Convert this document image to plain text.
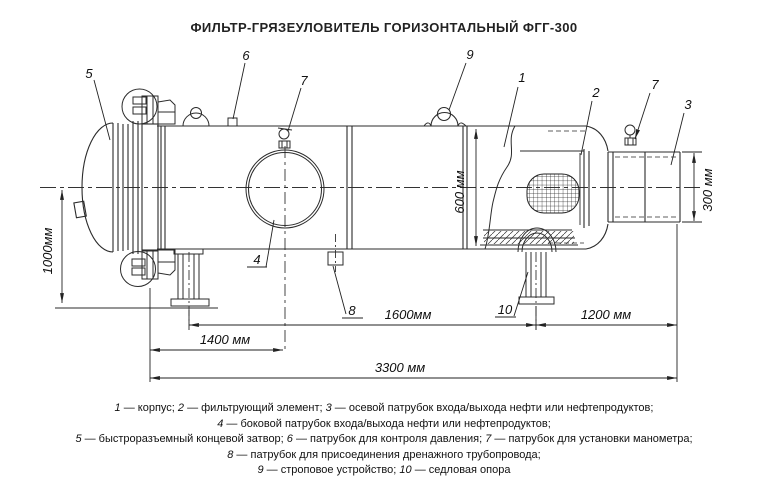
ФИЛЬТР-ГРЯЗЕУЛОВИТЕЛЬ ГОРИЗОНТАЛЬНЫЙ ФГГ-300
1000мм
600 мм	300 мм
1600мм	1200 мм
1400 мм
3300 мм
5
6
7
9
1
2
7
3
4
8	10
1 — корпус; 2 — фильтрующий элемент; 3 — осевой патрубок входа/выхода нефти или нефтепродуктов;
4 — боковой патрубок входа/выхода нефти или нефтепродуктов;
5 — быстроразъемный концевой затвор; 6 — патрубок для контроля давления; 7 — патрубок для установки манометра;
8 — патрубок для присоединения дренажного трубопровода;
9 — строповое устройство; 10 — седловая опора
